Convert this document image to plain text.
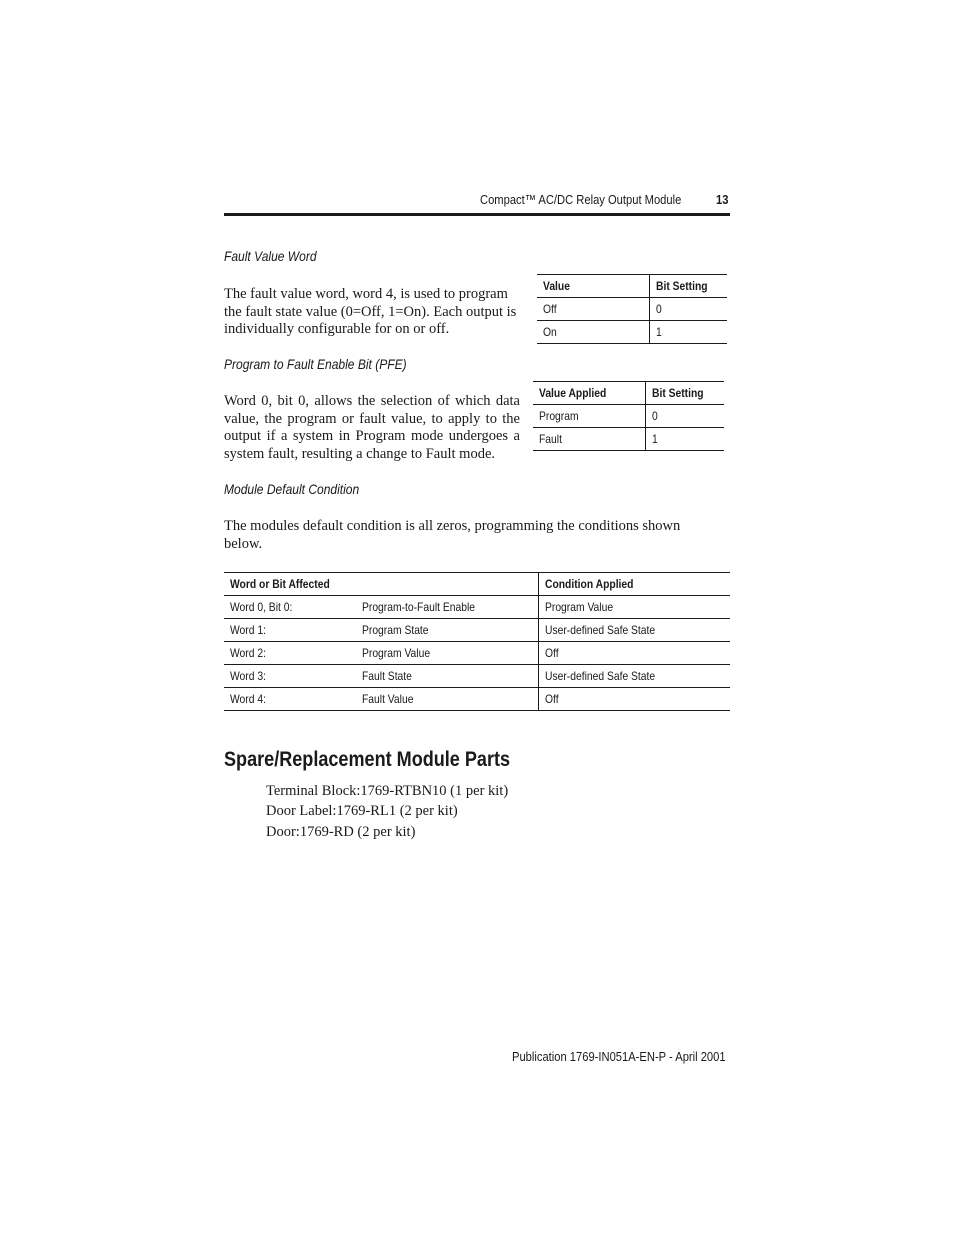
Compact™ AC/DC Relay Output Module	13
Fault Value Word
The fault value word, word 4, is used to program the fault state value (0=Off, 1=On). Each output is individually configurable for on or off.
Value	Bit Setting
Off	0
On	1
Program to Fault Enable Bit (PFE)
Word 0, bit 0, allows the selection of which data value, the program or fault value, to apply to the output if a system in Program mode undergoes a system fault, resulting a change to Fault mode.
Value Applied	Bit Setting
Program	0
Fault	1
Module Default Condition
The modules default condition is all zeros, programming the conditions shown below.
Word or Bit Affected		Condition Applied
Word 0, Bit 0:	Program-to-Fault Enable	Program Value
Word 1:	Program State	User-defined Safe State
Word 2:	Program Value	Off
Word 3:	Fault State	User-defined Safe State
Word 4:	Fault Value	Off
Spare/Replacement Module Parts
Terminal Block:1769-RTBN10 (1 per kit)
Door Label:1769-RL1 (2 per kit)
Door:1769-RD (2 per kit)
Publication 1769-IN051A-EN-P - April 2001
